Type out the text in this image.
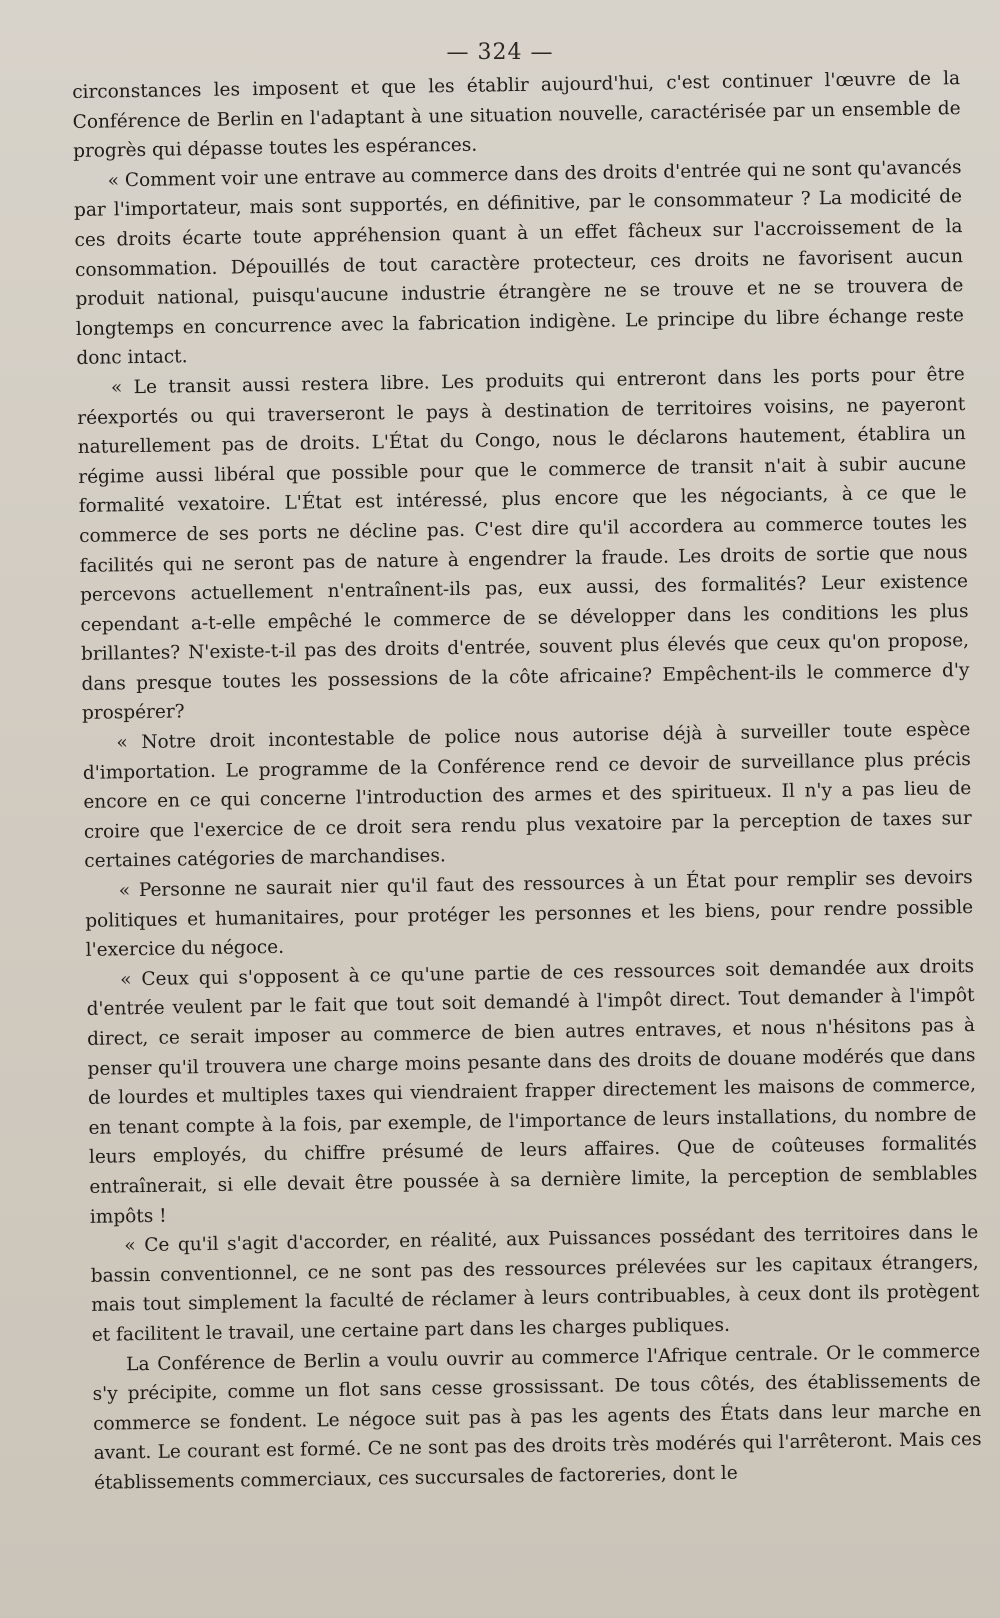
— 324 —

circonstances les imposent et que les établir aujourd'hui, c'est continuer l'œuvre de la Conférence de Berlin en l'adaptant à une situation nouvelle, caractérisée par un ensemble de progrès qui dépasse toutes les espérances.

« Comment voir une entrave au commerce dans des droits d'entrée qui ne sont qu'avancés par l'importateur, mais sont supportés, en définitive, par le consommateur ? La modicité de ces droits écarte toute appréhension quant à un effet fâcheux sur l'accroissement de la consommation. Dépouillés de tout caractère protecteur, ces droits ne favorisent aucun produit national, puisqu'aucune industrie étrangère ne se trouve et ne se trouvera de longtemps en concurrence avec la fabrication indigène. Le principe du libre échange reste donc intact.

« Le transit aussi restera libre. Les produits qui entreront dans les ports pour être réexportés ou qui traverseront le pays à destination de territoires voisins, ne payeront naturellement pas de droits. L'État du Congo, nous le déclarons hautement, établira un régime aussi libéral que possible pour que le commerce de transit n'ait à subir aucune formalité vexatoire. L'État est intéressé, plus encore que les négociants, à ce que le commerce de ses ports ne décline pas. C'est dire qu'il accordera au commerce toutes les facilités qui ne seront pas de nature à engendrer la fraude. Les droits de sortie que nous percevons actuellement n'entraînent-ils pas, eux aussi, des formalités? Leur existence cependant a-t-elle empêché le commerce de se développer dans les conditions les plus brillantes? N'existe-t-il pas des droits d'entrée, souvent plus élevés que ceux qu'on propose, dans presque toutes les possessions de la côte africaine? Empêchent-ils le commerce d'y prospérer?

« Notre droit incontestable de police nous autorise déjà à surveiller toute espèce d'importation. Le programme de la Conférence rend ce devoir de surveillance plus précis encore en ce qui concerne l'introduction des armes et des spiritueux. Il n'y a pas lieu de croire que l'exercice de ce droit sera rendu plus vexatoire par la perception de taxes sur certaines catégories de marchandises.

« Personne ne saurait nier qu'il faut des ressources à un État pour remplir ses devoirs politiques et humanitaires, pour protéger les personnes et les biens, pour rendre possible l'exercice du négoce.

« Ceux qui s'opposent à ce qu'une partie de ces ressources soit demandée aux droits d'entrée veulent par le fait que tout soit demandé à l'impôt direct. Tout demander à l'impôt direct, ce serait imposer au commerce de bien autres entraves, et nous n'hésitons pas à penser qu'il trouvera une charge moins pesante dans des droits de douane modérés que dans de lourdes et multiples taxes qui viendraient frapper directement les maisons de commerce, en tenant compte à la fois, par exemple, de l'importance de leurs installations, du nombre de leurs employés, du chiffre présumé de leurs affaires. Que de coûteuses formalités entraînerait, si elle devait être poussée à sa dernière limite, la perception de semblables impôts !

« Ce qu'il s'agit d'accorder, en réalité, aux Puissances possédant des territoires dans le bassin conventionnel, ce ne sont pas des ressources prélevées sur les capitaux étrangers, mais tout simplement la faculté de réclamer à leurs contribuables, à ceux dont ils protègent et facilitent le travail, une certaine part dans les charges publiques.

La Conférence de Berlin a voulu ouvrir au commerce l'Afrique centrale. Or le commerce s'y précipite, comme un flot sans cesse grossissant. De tous côtés, des établissements de commerce se fondent. Le négoce suit pas à pas les agents des États dans leur marche en avant. Le courant est formé. Ce ne sont pas des droits très modérés qui l'arrêteront. Mais ces établissements commerciaux, ces succursales de factoreries, dont le
